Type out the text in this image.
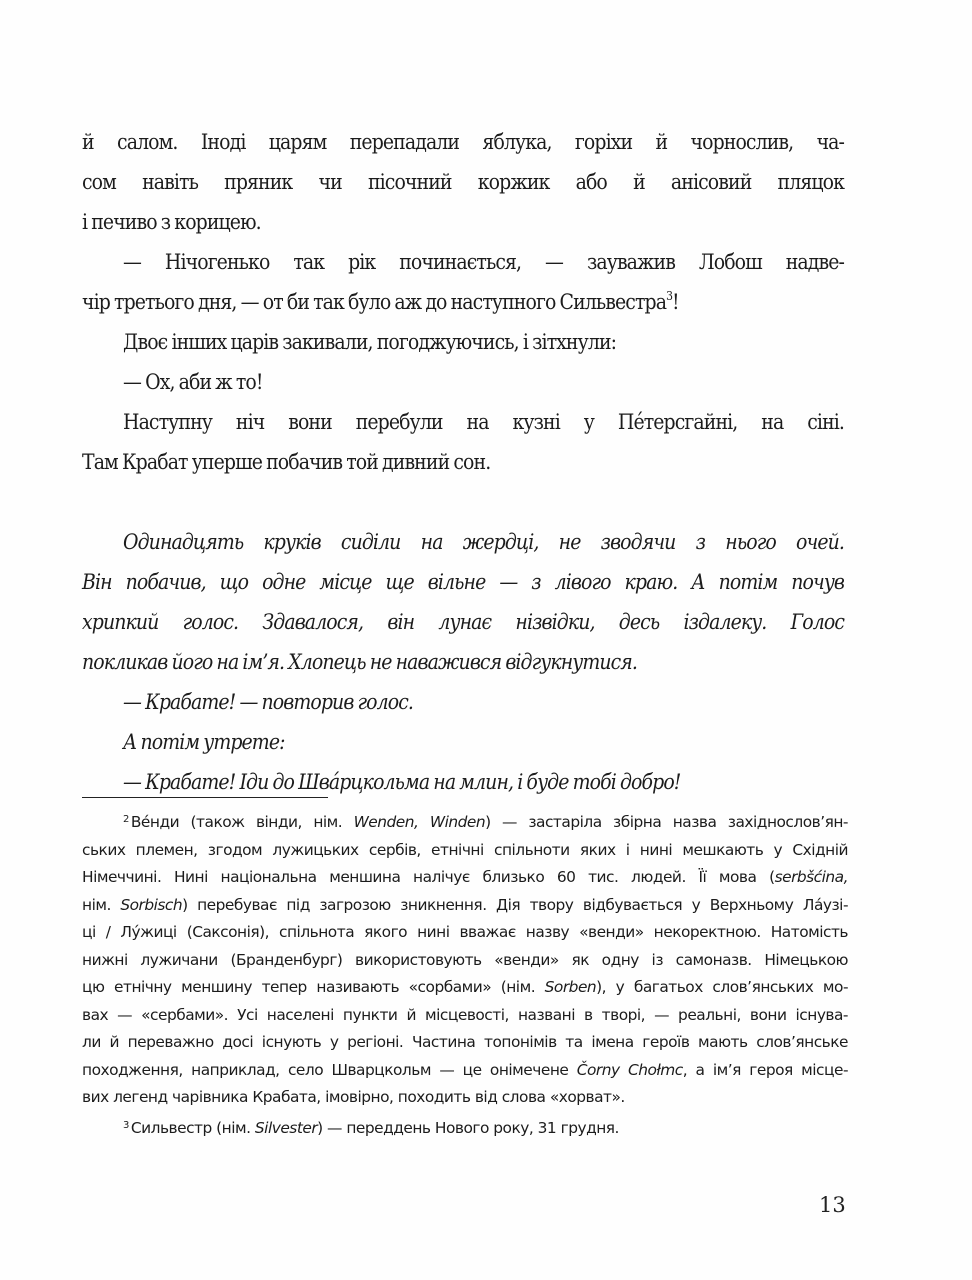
й салом. Іноді царям перепадали яблука, горіхи й чорнослив, ча-
сом навіть пряник чи пісочний коржик або й анісовий пляцок
і печиво з корицею.

— Нічогенько так рік починається, — зауважив Лобош надве-
чір третього дня, — от би так було аж до наступного Сильвестра$^3$!

Двоє інших царів закивали, погоджуючись, і зітхнули:

— Ох, аби ж то!

Наступну ніч вони перебули на кузні у Пе́терсгайні, на сіні.
Там Крабат уперше побачив той дивний сон.

Одинадцять круків сиділи на жердці, не зводячи з нього очей.
Він побачив, що одне місце ще вільне — з лівого краю. А потім почув
хрипкий голос. Здавалося, він лунає нізвідки, десь іздалеку. Голос
покликав його на ім’я. Хлопець не наважився відгукнутися.

— Крабате! — повторив голос.

А потім утрете:

— Крабате! Іди до Шва́рцкольма на млин, і буде тобі добро!

$^2$ Ве́нди (також вінди, нім. Wenden, Winden) — застаріла збірна назва західнослов’ян-
ських племен, згодом лужицьких сербів, етнічні спільноти яких і нині мешкають у Східній
Німеччині. Нині національна меншина налічує близько 60 тис. людей. Її мова (serbšćina,
нім. Sorbisch) перебуває під загрозою зникнення. Дія твору відбувається у Верхньому Ла́узі-
ці / Лу́жиці (Саксонія), спільнота якого нині вважає назву «венди» некоректною. Натомість
нижні лужичани (Бранденбург) використовують «венди» як одну із самоназв. Німецькою
цю етнічну меншину тепер називають «сорбами» (нім. Sorben), у багатьох слов’янських мо-
вах — «сербами». Усі населені пункти й місцевості, названі в творі, — реальні, вони існува-
ли й переважно досі існують у регіоні. Частина топонімів та імена героїв мають слов’янське
походження, наприклад, село Шварцкольм — це онімечене Čorny Chołmc, а ім’я героя місце-
вих легенд чарівника Крабата, імовірно, походить від слова «хорват».
$^3$ Сильвестр (нім. Silvester) — переддень Нового року, 31 грудня.
13
